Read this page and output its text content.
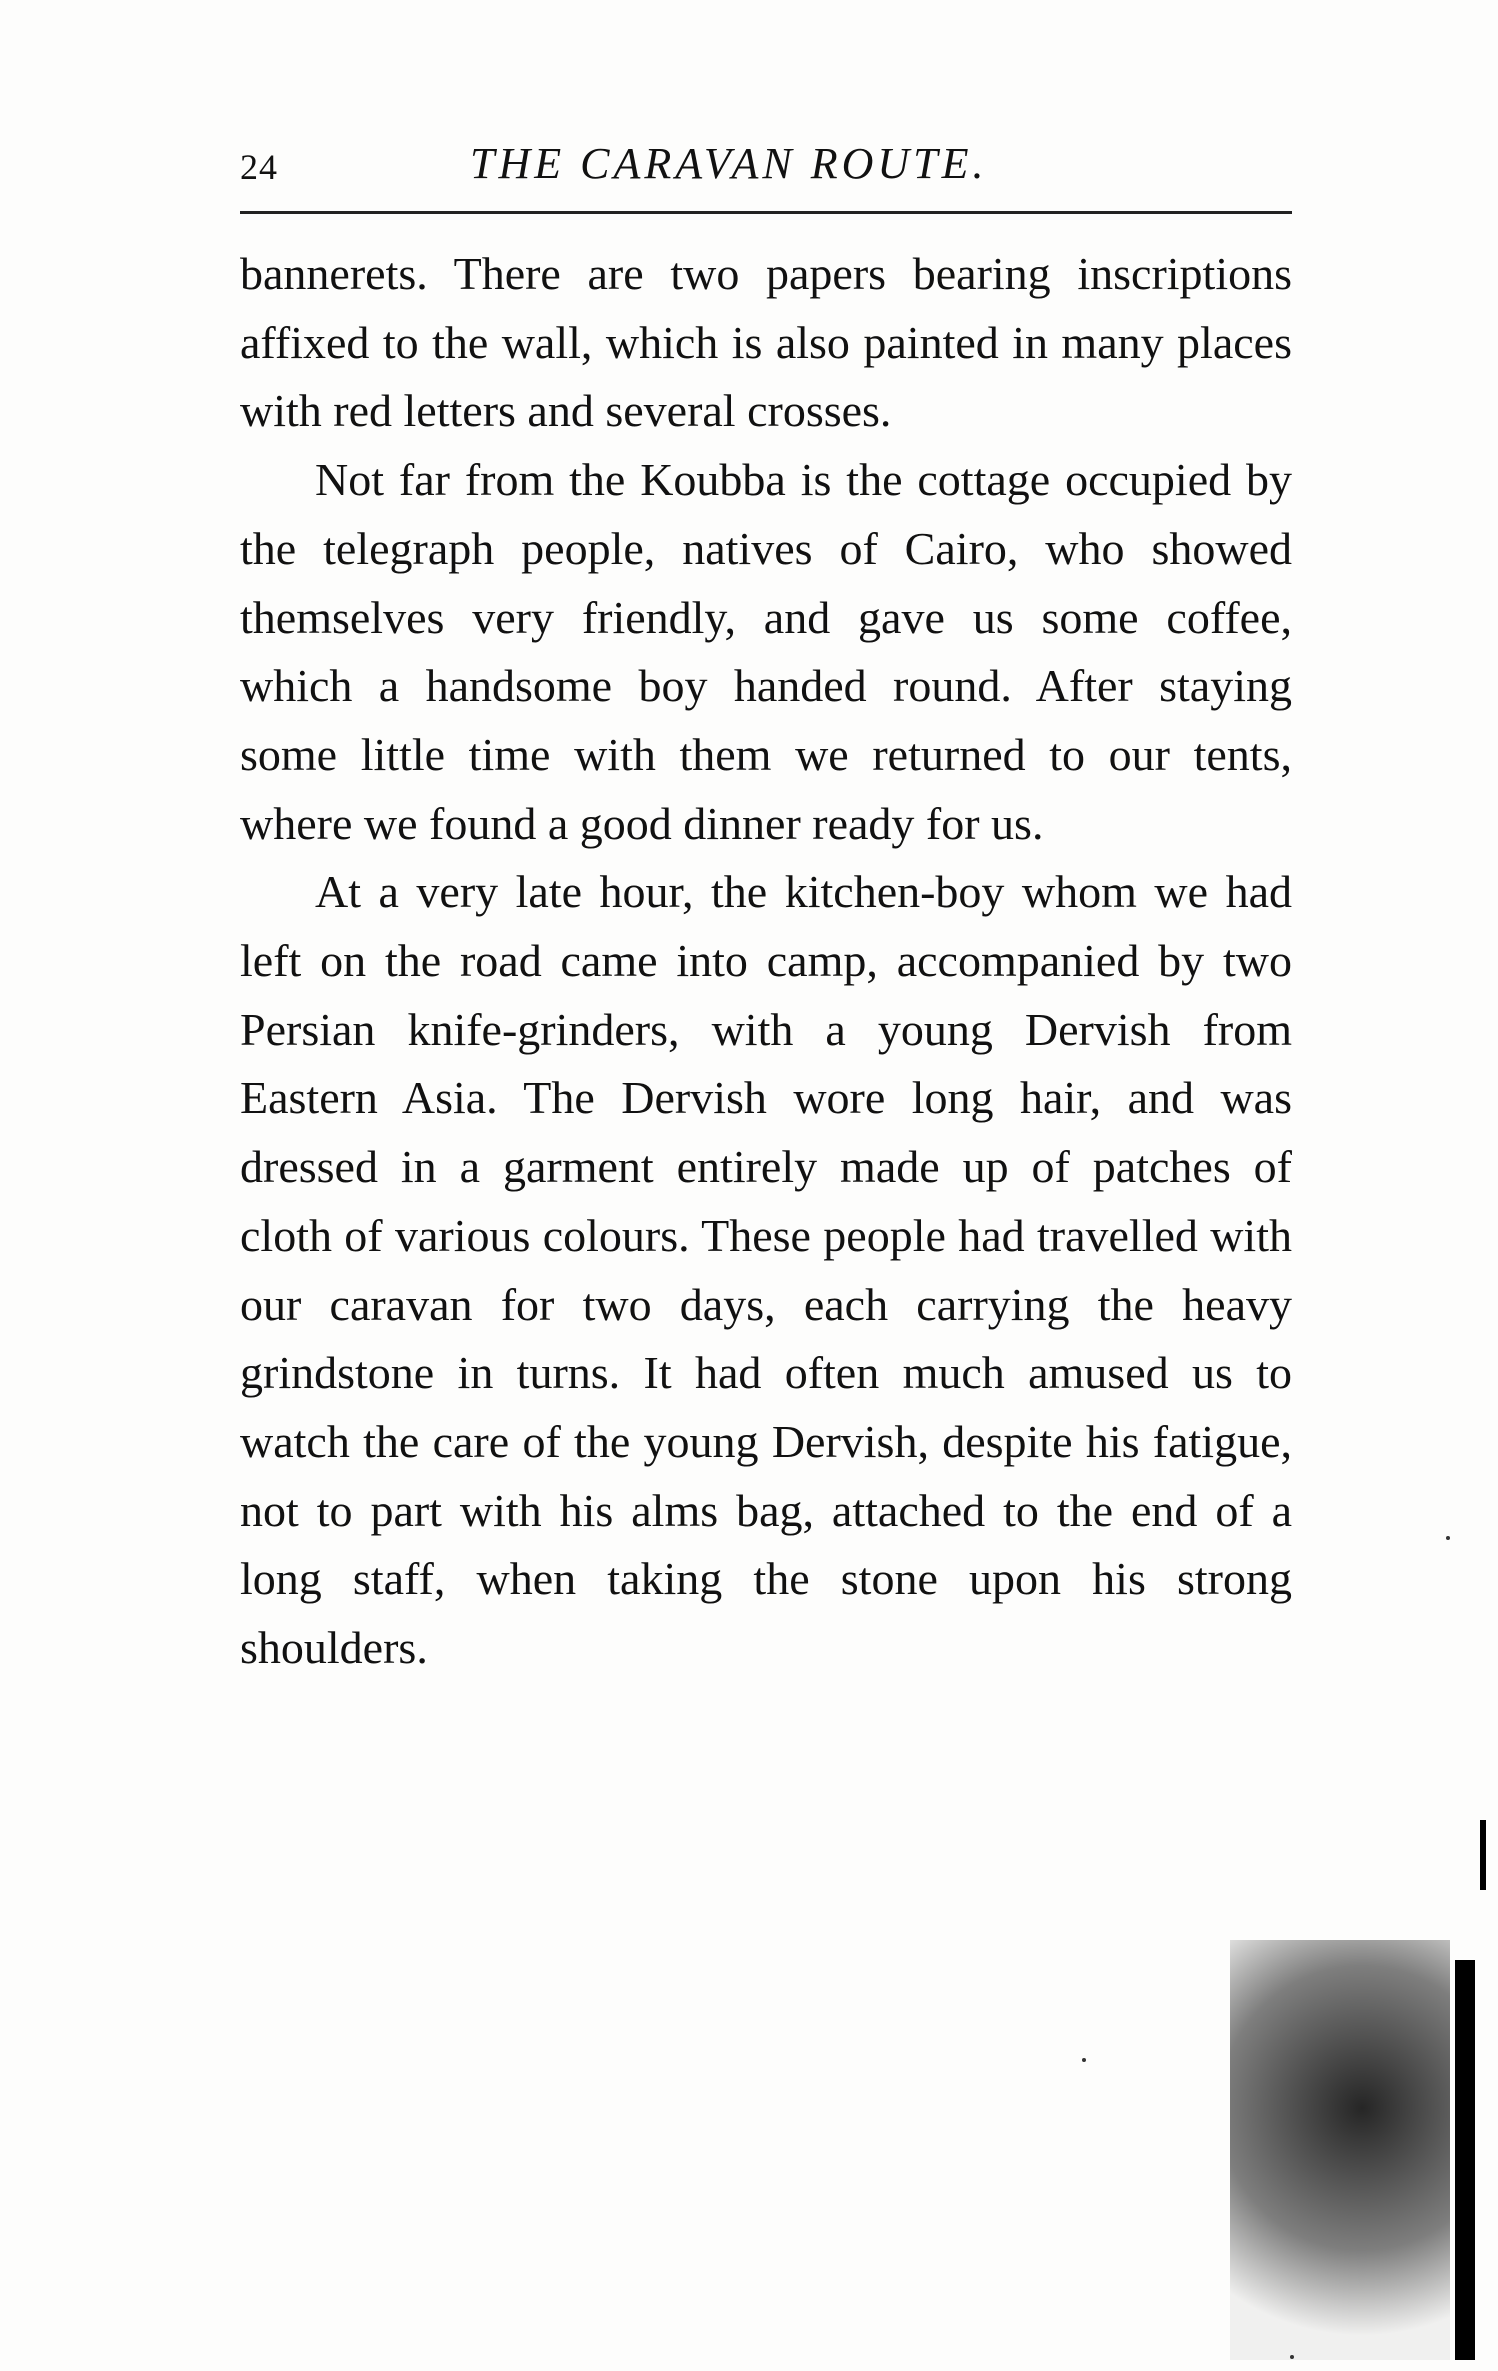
24	THE CARAVAN ROUTE.

bannerets. There are two papers bearing inscriptions affixed to the wall, which is also painted in many places with red letters and several crosses.

Not far from the Koubba is the cottage occupied by the telegraph people, natives of Cairo, who showed themselves very friendly, and gave us some coffee, which a handsome boy handed round. After staying some little time with them we returned to our tents, where we found a good dinner ready for us.

At a very late hour, the kitchen-boy whom we had left on the road came into camp, accompanied by two Persian knife-grinders, with a young Dervish from Eastern Asia. The Dervish wore long hair, and was dressed in a garment entirely made up of patches of cloth of various colours. These people had travelled with our caravan for two days, each carrying the heavy grindstone in turns. It had often much amused us to watch the care of the young Dervish, despite his fatigue, not to part with his alms bag, attached to the end of a long staff, when taking the stone upon his strong shoulders.
